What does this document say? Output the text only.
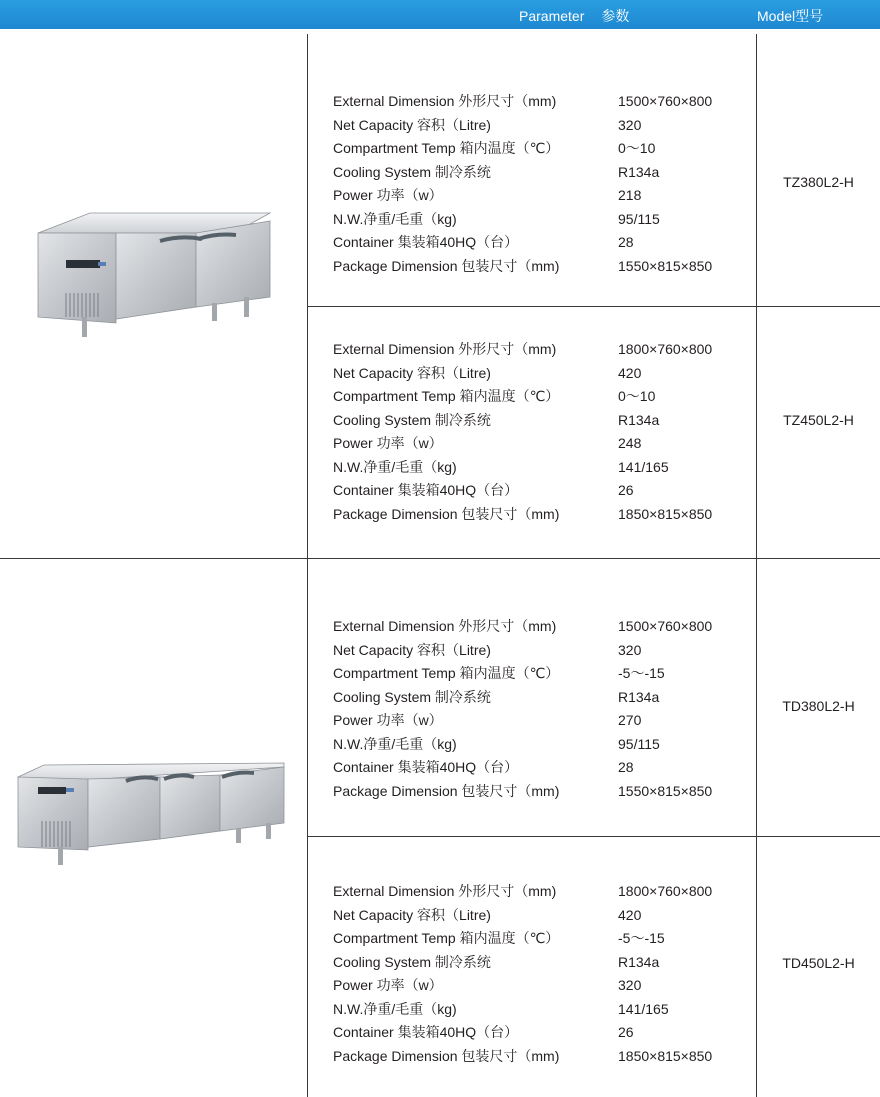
Parameter 参数	Model型号
External Dimension 外形尺寸（mm)	1500×760×800
Net Capacity 容积（Litre)	320
Compartment Temp 箱内温度（℃）	0～10
Cooling System 制冷系统	R134a
Power 功率（w）	218
N.W.净重/毛重（kg)	95/115
Container 集装箱40HQ（台）	28
Package Dimension 包装尺寸（mm)	1550×815×850
TZ380L2-H
External Dimension 外形尺寸（mm)	1800×760×800
Net Capacity 容积（Litre)	420
Compartment Temp 箱内温度（℃）	0～10
Cooling System 制冷系统	R134a
Power 功率（w）	248
N.W.净重/毛重（kg)	141/165
Container 集装箱40HQ（台）	26
Package Dimension 包装尺寸（mm)	1850×815×850
TZ450L2-H
External Dimension 外形尺寸（mm)	1500×760×800
Net Capacity 容积（Litre)	320
Compartment Temp 箱内温度（℃）	-5～-15
Cooling System 制冷系统	R134a
Power 功率（w）	270
N.W.净重/毛重（kg)	95/115
Container 集装箱40HQ（台）	28
Package Dimension 包装尺寸（mm)	1550×815×850
TD380L2-H
External Dimension 外形尺寸（mm)	1800×760×800
Net Capacity 容积（Litre)	420
Compartment Temp 箱内温度（℃）	-5～-15
Cooling System 制冷系统	R134a
Power 功率（w）	320
N.W.净重/毛重（kg)	141/165
Container 集装箱40HQ（台）	26
Package Dimension 包装尺寸（mm)	1850×815×850
TD450L2-H
